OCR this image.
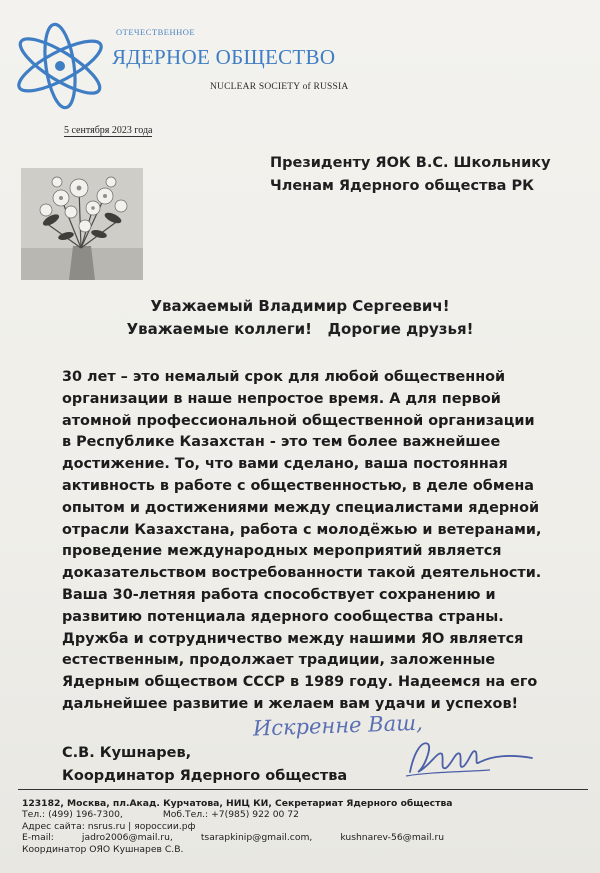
ОТЕЧЕСТВЕННОЕ
ЯДЕРНОЕ ОБЩЕСТВО
NUCLEAR SOCIETY of RUSSIA
5 сентября 2023 года
Президенту ЯОК В.С. Школьнику
Членам Ядерного общества РК
Уважаемый Владимир Сергеевич!
Уважаемые коллеги!   Дорогие друзья!
30 лет – это немалый срок для любой общественной
организации в наше непростое время. А для первой
атомной профессиональной общественной организации
в Республике Казахстан - это тем более важнейшее
достижение. То, что вами сделано, ваша постоянная
активность в работе с общественностью, в деле обмена
опытом и достижениями между специалистами ядерной
отрасли Казахстана, работа с молодёжью и ветеранами,
проведение международных мероприятий является
доказательством востребованности такой деятельности.
Ваша 30-летняя работа способствует сохранению и
развитию потенциала ядерного сообщества страны.
Дружба и сотрудничество между нашими ЯО является
естественным, продолжает традиции, заложенные
Ядерным обществом СССР в 1989 году. Надеемся на его
дальнейшее развитие и желаем вам удачи и успехов!
Искренне Ваш,
С.В. Кушнарев,
Координатор Ядерного общества
123182, Москва, пл.Акад. Курчатова, НИЦ КИ, Секретариат Ядерного общества
Тел.: (499) 196-7300,	Моб.Тел.: +7(985) 922 00 72
Адрес сайта: nsrus.ru | яороссии.рф
E-mail:	jadro2006@mail.ru,	tsarapkinip@gmail.com,	kushnarev-56@mail.ru
Координатор ОЯО Кушнарев С.В.
